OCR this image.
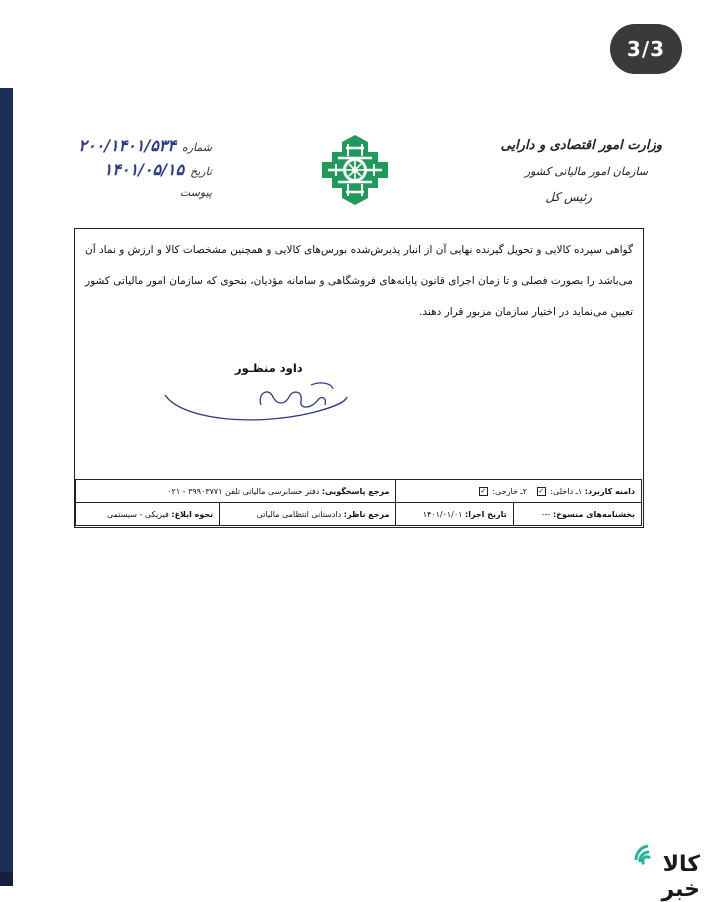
3/3
وزارت امور اقتصادی و دارایی
سازمان امور مالیاتی کشور
رئیس کل
شماره
۲۰۰/۱۴۰۱/۵۳۴
تاریخ
۱۴۰۱/۰۵/۱۵
پیوست
گواهی سپرده کالایی و تحویل گیرنده نهایی آن از انبار پذیرش‌شده بورس‌های کالایی و همچنین مشخصات کالا و ارزش و نماد آن می‌باشد را بصورت فصلی و تا زمان اجرای قانون پایانه‌های فروشگاهی و سامانه مؤدیان، بنحوی که سازمان امور مالیاتی کشور تعیین می‌نماید در اختیار سازمان مزبور قرار دهند.
داود منظـور
دامنه کاربرد: ۱ـ داخلی: ✓   ۲ـ خارجی: ✓		مرجع پاسخگویی: دفتر حسابرسی مالیاتی تلفن ۳۹۹۰۳۷۷۱ - ۰۲۱	
بخشنامه‌های منسوخ: ---	تاریخ اجرا: ۱۴۰۱/۰۱/۰۱	مرجع ناظر: دادستانی انتظامی مالیاتی	نحوه ابلاغ: فیزیکی - سیستمی
کالا خبر
